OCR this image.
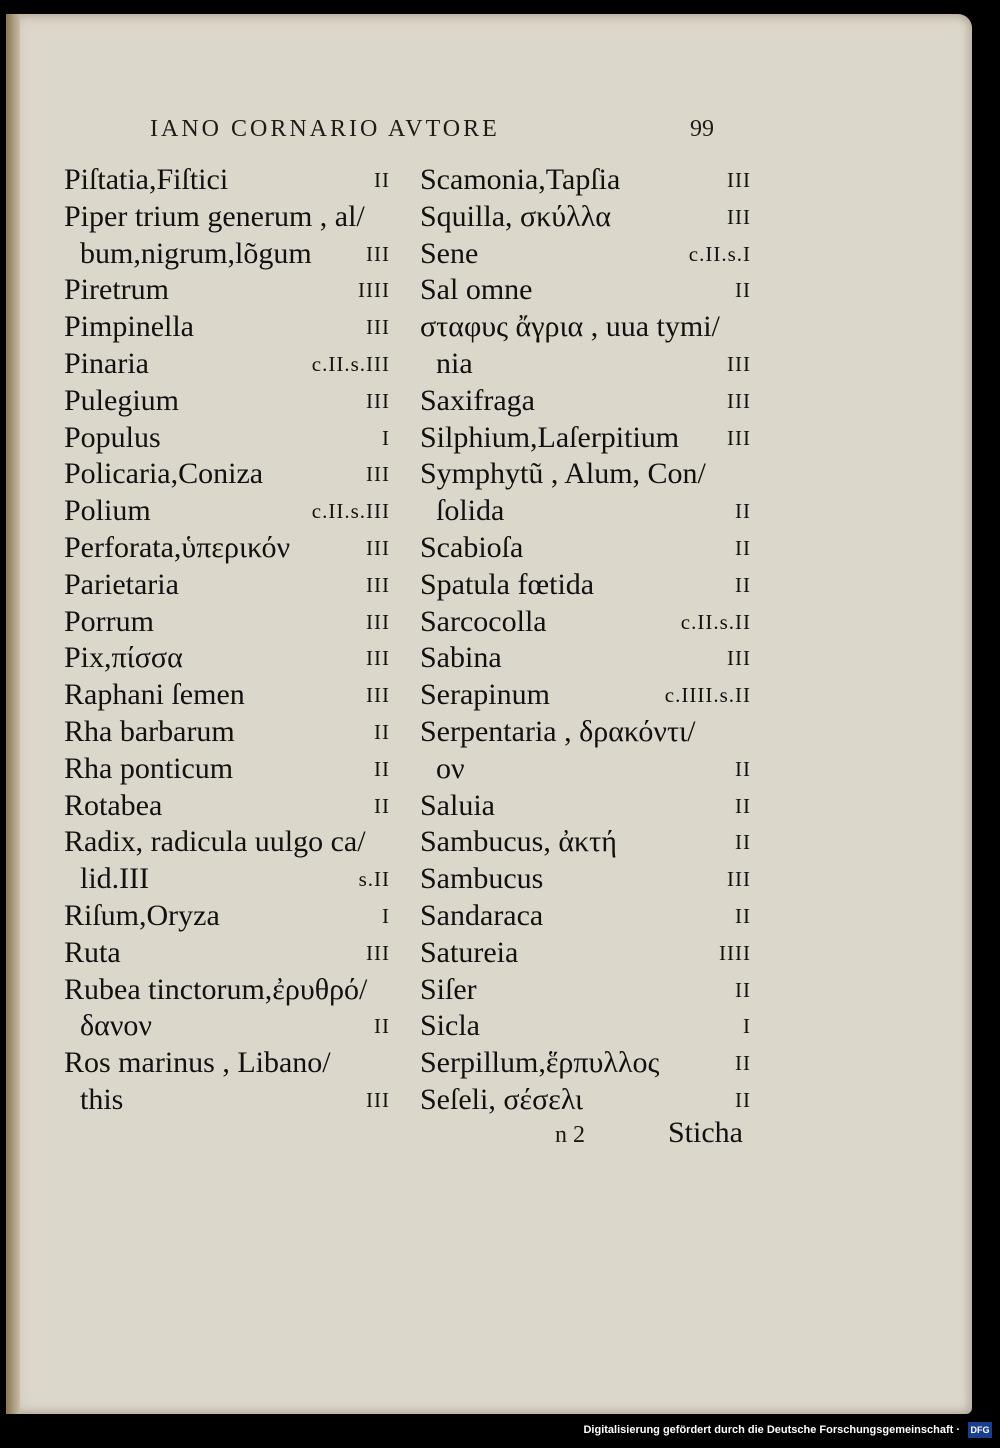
IANO CORNARIO AVTORE	99
Piſtatia,Fiſtici	II
Piper trium generum , al/
bum,nigrum,lõgum	III
Piretrum	IIII
Pimpinella	III
Pinaria	c.II.s.III
Pulegium	III
Populus	I
Policaria,Coniza	III
Polium	c.II.s.III
Perforata,ὑπερικόν	III
Parietaria	III
Porrum	III
Pix,πίσσα	III
Raphani ſemen	III
Rha barbarum	II
Rha ponticum	II
Rotabea	II
Radix, radicula uulgo ca/
lid.III	s.II
Riſum,Oryza	I
Ruta	III
Rubea tinctorum,ἐρυθρό/
δανον	II
Ros marinus , Libano/
this	III
Scamonia,Tapſia	III
Squilla, σκύλλα	III
Sene	c.II.s.I
Sal omne	II
σταφυς ἄγρια , uua tymi/
nia	III
Saxifraga	III
Silphium,Laſerpitium III
Symphytũ , Alum, Con/
ſolida	II
Scabioſa	II
Spatula fœtida	II
Sarcocolla	c.II.s.II
Sabina	III
Serapinum	c.IIII.s.II
Serpentaria , δρακόντι/
ον	II
Saluia	II
Sambucus, ἀκτή	II
Sambucus	III
Sandaraca	II
Satureia	IIII
Siſer	II
Sicla	I
Serpillum,ἕρπυλλος	II
Seſeli, σέσελι	II
n 2	Sticha
Digitalisierung gefördert durch die Deutsche Forschungsgemeinschaft · DFG
